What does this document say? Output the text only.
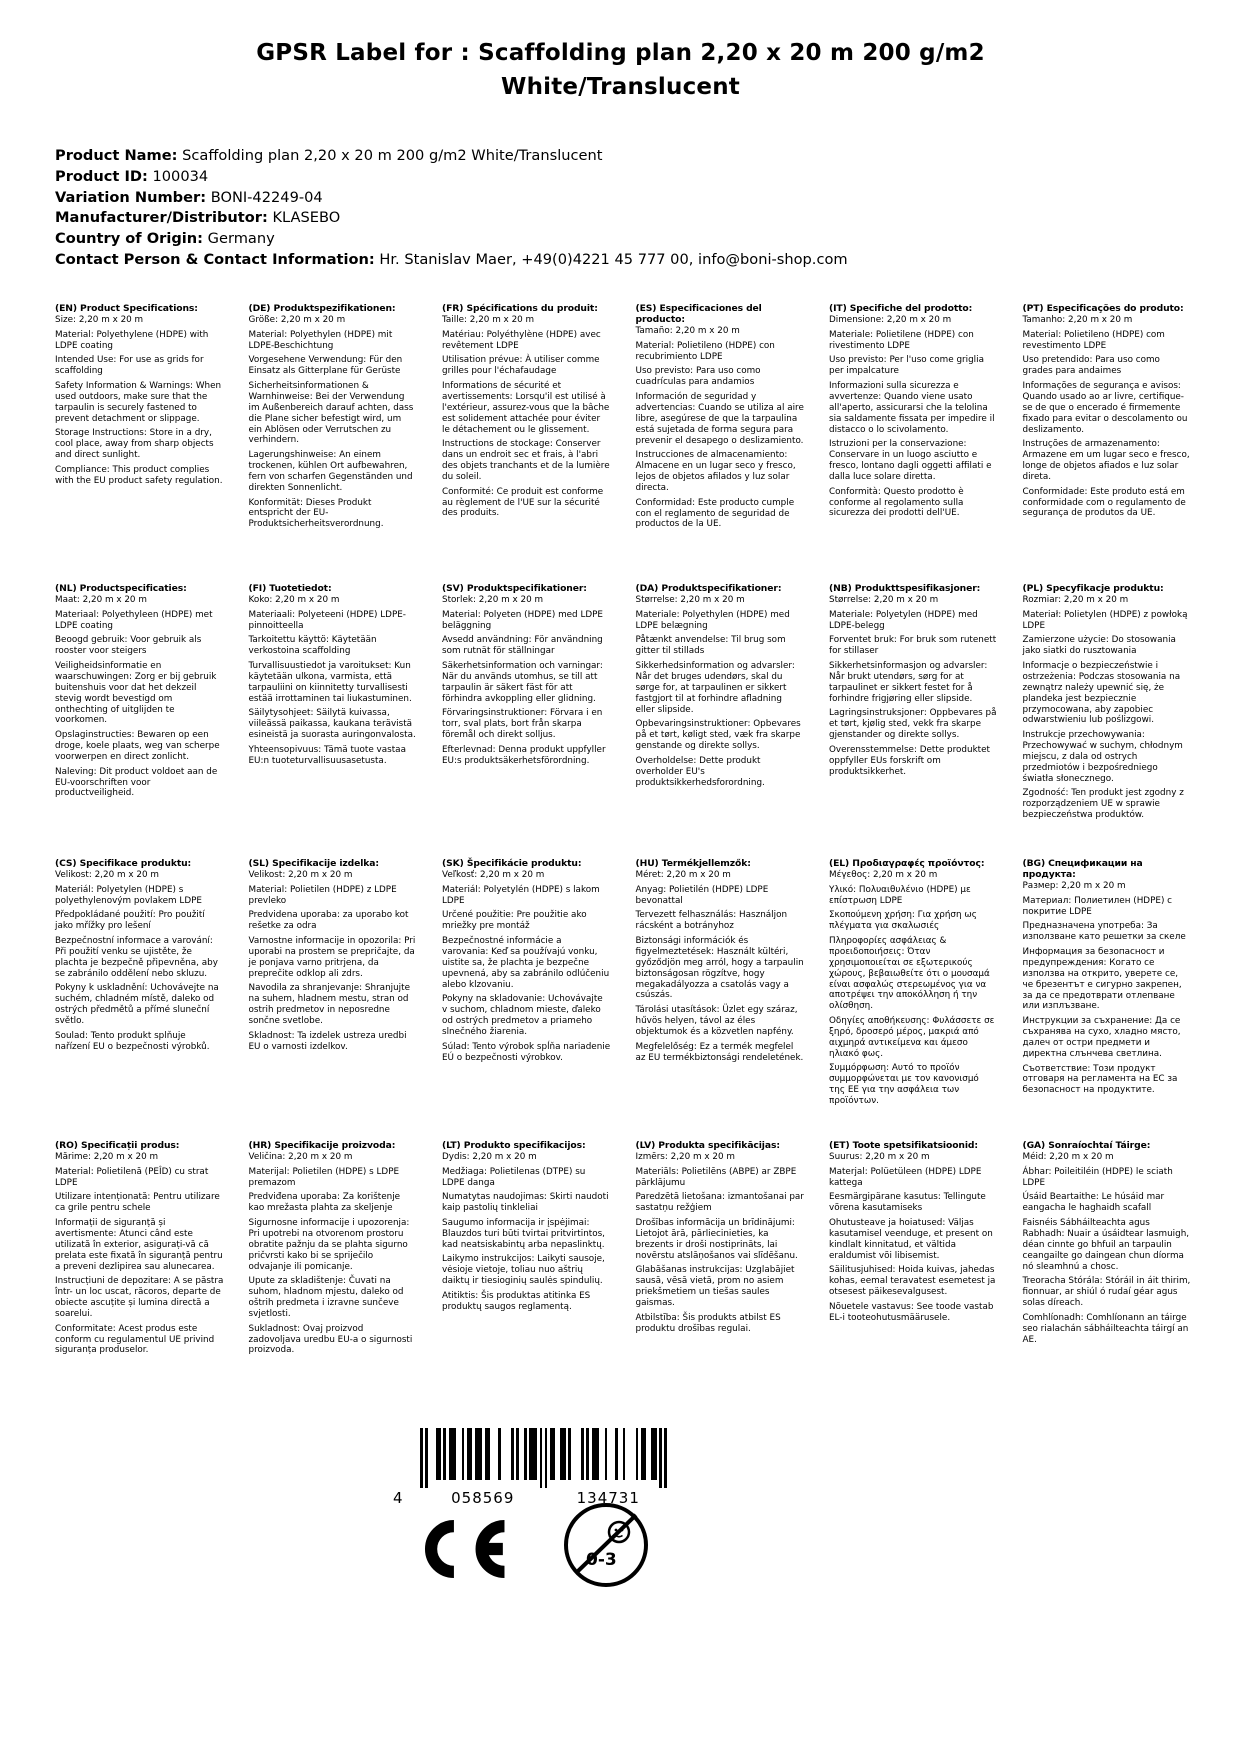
GPSR Label for : Scaffolding plan 2,20 x 20 m 200 g/m2
White/Translucent
Product Name: Scaffolding plan 2,20 x 20 m 200 g/m2 White/Translucent
Product ID: 100034
Variation Number: BONI-42249-04
Manufacturer/Distributor: KLASEBO
Country of Origin: Germany
Contact Person & Contact Information: Hr. Stanislav Maer, +49(0)4221 45 777 00, info@boni-shop.com
(EN) Product Specifications:

Size: 2,20 m x 20 m

Material: Polyethylene (HDPE) with LDPE coating

Intended Use: For use as grids for scaffolding

Safety Information & Warnings: When used outdoors, make sure that the tarpaulin is securely fastened to prevent detachment or slippage.

Storage Instructions: Store in a dry, cool place, away from sharp objects and direct sunlight.

Compliance: This product complies with the EU product safety regulation.

(DE) Produktspezifikationen:

Größe: 2,20 m x 20 m

Material: Polyethylen (HDPE) mit LDPE-Beschichtung

Vorgesehene Verwendung: Für den Einsatz als Gitterplane für Gerüste

Sicherheitsinformationen & Warnhinweise: Bei der Verwendung im Außenbereich darauf achten, dass die Plane sicher befestigt wird, um ein Ablösen oder Verrutschen zu verhindern.

Lagerungshinweise: An einem trockenen, kühlen Ort aufbewahren, fern von scharfen Gegenständen und direkten Sonnenlicht.

Konformität: Dieses Produkt entspricht der EU-Produktsicherheitsverordnung.

(FR) Spécifications du produit:

Taille: 2,20 m x 20 m

Matériau: Polyéthylène (HDPE) avec revêtement LDPE

Utilisation prévue: À utiliser comme grilles pour l'échafaudage

Informations de sécurité et avertissements: Lorsqu'il est utilisé à l'extérieur, assurez-vous que la bâche est solidement attachée pour éviter le détachement ou le glissement.

Instructions de stockage: Conserver dans un endroit sec et frais, à l'abri des objets tranchants et de la lumière du soleil.

Conformité: Ce produit est conforme au règlement de l'UE sur la sécurité des produits.

(ES) Especificaciones del producto:

Tamaño: 2,20 m x 20 m

Material: Polietileno (HDPE) con recubrimiento LDPE

Uso previsto: Para uso como cuadrículas para andamios

Información de seguridad y advertencias: Cuando se utiliza al aire libre, asegúrese de que la tarpaulina está sujetada de forma segura para prevenir el desapego o deslizamiento.

Instrucciones de almacenamiento: Almacene en un lugar seco y fresco, lejos de objetos afilados y luz solar directa.

Conformidad: Este producto cumple con el reglamento de seguridad de productos de la UE.

(IT) Specifiche del prodotto:

Dimensione: 2,20 m x 20 m

Materiale: Polietilene (HDPE) con rivestimento LDPE

Uso previsto: Per l'uso come griglia per impalcature

Informazioni sulla sicurezza e avvertenze: Quando viene usato all'aperto, assicurarsi che la telolina sia saldamente fissata per impedire il distacco o lo scivolamento.

Istruzioni per la conservazione: Conservare in un luogo asciutto e fresco, lontano dagli oggetti affilati e dalla luce solare diretta.

Conformità: Questo prodotto è conforme al regolamento sulla sicurezza dei prodotti dell'UE.

(PT) Especificações do produto:

Tamanho: 2,20 m x 20 m

Material: Polietileno (HDPE) com revestimento LDPE

Uso pretendido: Para uso como grades para andaimes

Informações de segurança e avisos: Quando usado ao ar livre, certifique-se de que o encerado é firmemente fixado para evitar o descolamento ou deslizamento.

Instruções de armazenamento: Armazene em um lugar seco e fresco, longe de objetos afiados e luz solar direta.

Conformidade: Este produto está em conformidade com o regulamento de segurança de produtos da UE.

(NL) Productspecificaties:

Maat: 2,20 m x 20 m

Materiaal: Polyethyleen (HDPE) met LDPE coating

Beoogd gebruik: Voor gebruik als rooster voor steigers

Veiligheidsinformatie en waarschuwingen: Zorg er bij gebruik buitenshuis voor dat het dekzeil stevig wordt bevestigd om onthechting of uitglijden te voorkomen.

Opslaginstructies: Bewaren op een droge, koele plaats, weg van scherpe voorwerpen en direct zonlicht.

Naleving: Dit product voldoet aan de EU-voorschriften voor productveiligheid.

(FI) Tuotetiedot:

Koko: 2,20 m x 20 m

Materiaali: Polyeteeni (HDPE) LDPE-pinnoitteella

Tarkoitettu käyttö: Käytetään verkostoina scaffolding

Turvallisuustiedot ja varoitukset: Kun käytetään ulkona, varmista, että tarpauliini on kiinnitetty turvallisesti estää irrottaminen tai liukastuminen.

Säilytysohjeet: Säilytä kuivassa, viileässä paikassa, kaukana terävistä esineistä ja suorasta auringonvalosta.

Yhteensopivuus: Tämä tuote vastaa EU:n tuoteturvallisuusasetusta.

(SV) Produktspecifikationer:

Storlek: 2,20 m x 20 m

Material: Polyeten (HDPE) med LDPE beläggning

Avsedd användning: För användning som rutnät för ställningar

Säkerhetsinformation och varningar: När du används utomhus, se till att tarpaulin är säkert fäst för att förhindra avkoppling eller glidning.

Förvaringsinstruktioner: Förvara i en torr, sval plats, bort från skarpa föremål och direkt solljus.

Efterlevnad: Denna produkt uppfyller EU:s produktsäkerhetsförordning.

(DA) Produktspecifikationer:

Størrelse: 2,20 m x 20 m

Materiale: Polyethylen (HDPE) med LDPE belægning

Påtænkt anvendelse: Til brug som gitter til stillads

Sikkerhedsinformation og advarsler: Når det bruges udendørs, skal du sørge for, at tarpaulinen er sikkert fastgjort til at forhindre afladning eller slipside.

Opbevaringsinstruktioner: Opbevares på et tørt, køligt sted, væk fra skarpe genstande og direkte sollys.

Overholdelse: Dette produkt overholder EU's produktsikkerhedsforordning.

(NB) Produkttspesifikasjoner:

Størrelse: 2,20 m x 20 m

Materiale: Polyetylen (HDPE) med LDPE-belegg

Forventet bruk: For bruk som rutenett for stillaser

Sikkerhetsinformasjon og advarsler: Når brukt utendørs, sørg for at tarpaulinet er sikkert festet for å forhindre frigjøring eller slipside.

Lagringsinstruksjoner: Oppbevares på et tørt, kjølig sted, vekk fra skarpe gjenstander og direkte sollys.

Overensstemmelse: Dette produktet oppfyller EUs forskrift om produktsikkerhet.

(PL) Specyfikacje produktu:

Rozmiar: 2,20 m x 20 m

Materiał: Polietylen (HDPE) z powłoką LDPE

Zamierzone użycie: Do stosowania jako siatki do rusztowania

Informacje o bezpieczeństwie i ostrzeżenia: Podczas stosowania na zewnątrz należy upewnić się, że plandeka jest bezpiecznie przymocowana, aby zapobiec odwarstwieniu lub poślizgowi.

Instrukcje przechowywania: Przechowywać w suchym, chłodnym miejscu, z dala od ostrych przedmiotów i bezpośredniego światła słonecznego.

Zgodność: Ten produkt jest zgodny z rozporządzeniem UE w sprawie bezpieczeństwa produktów.

(CS) Specifikace produktu:

Velikost: 2,20 m x 20 m

Materiál: Polyetylen (HDPE) s polyethylenovým povlakem LDPE

Předpokládané použití: Pro použití jako mřížky pro lešení

Bezpečnostní informace a varování: Při použití venku se ujistěte, že plachta je bezpečně připevněna, aby se zabránilo oddělení nebo skluzu.

Pokyny k uskladnění: Uchovávejte na suchém, chladném místě, daleko od ostrých předmětů a přímé sluneční světlo.

Soulad: Tento produkt splňuje nařízení EU o bezpečnosti výrobků.

(SL) Specifikacije izdelka:

Velikost: 2,20 m x 20 m

Material: Polietilen (HDPE) z LDPE prevleko

Predvidena uporaba: za uporabo kot rešetke za odra

Varnostne informacije in opozorila: Pri uporabi na prostem se prepričajte, da je ponjava varno pritrjena, da preprečite odklop ali zdrs.

Navodila za shranjevanje: Shranjujte na suhem, hladnem mestu, stran od ostrih predmetov in neposredne sončne svetlobe.

Skladnost: Ta izdelek ustreza uredbi EU o varnosti izdelkov.

(SK) Špecifikácie produktu:

Veľkosť: 2,20 m x 20 m

Materiál: Polyetylén (HDPE) s lakom LDPE

Určené použitie: Pre použitie ako mriežky pre montáž

Bezpečnostné informácie a varovania: Keď sa používajú vonku, uistite sa, že plachta je bezpečne upevnená, aby sa zabránilo odlúčeniu alebo klzovaniu.

Pokyny na skladovanie: Uchovávajte v suchom, chladnom mieste, ďaleko od ostrých predmetov a priameho slnečného žiarenia.

Súlad: Tento výrobok spĺňa nariadenie EÚ o bezpečnosti výrobkov.

(HU) Termékjellemzők:

Méret: 2,20 m x 20 m

Anyag: Polietilén (HDPE) LDPE bevonattal

Tervezett felhasználás: Használjon rácsként a botrányhoz

Biztonsági információk és figyelmeztetések: Használt kültéri, győződjön meg arról, hogy a tarpaulin biztonságosan rögzítve, hogy megakadályozza a csatolás vagy a csúszás.

Tárolási utasítások: Üzlet egy száraz, hűvös helyen, távol az éles objektumok és a közvetlen napfény.

Megfelelőség: Ez a termék megfelel az EU termékbiztonsági rendeletének.

(EL) Προδιαγραφές προϊόντος:

Μέγεθος: 2,20 m x 20 m

Υλικό: Πολυαιθυλένιο (HDPE) με επίστρωση LDPE

Σκοπούμενη χρήση: Για χρήση ως πλέγματα για σκαλωσιές

Πληροφορίες ασφάλειας & προειδοποιήσεις: Όταν χρησιμοποιείται σε εξωτερικούς χώρους, βεβαιωθείτε ότι ο μουσαμά είναι ασφαλώς στερεωμένος για να αποτρέψει την αποκόλληση ή την ολίσθηση.

Οδηγίες αποθήκευσης: Φυλάσσετε σε ξηρό, δροσερό μέρος, μακριά από αιχμηρά αντικείμενα και άμεσο ηλιακό φως.

Συμμόρφωση: Αυτό το προϊόν συμμορφώνεται με τον κανονισμό της ΕΕ για την ασφάλεια των προϊόντων.

(BG) Спецификации на продукта:

Размер: 2,20 m x 20 m

Материал: Полиетилен (HDPE) с покритие LDPE

Предназначена употреба: За използване като решетки за скеле

Информация за безопасност и предупреждения: Когато се използва на открито, уверете се, че брезентът е сигурно закрепен, за да се предотврати отлепване или изплъзване.

Инструкции за съхранение: Да се съхранява на сухо, хладно място, далеч от остри предмети и директна слънчева светлина.

Съответствие: Този продукт отговаря на регламента на ЕС за безопасност на продуктите.

(RO) Specificații produs:

Mărime: 2,20 m x 20 m

Material: Polietilenă (PEÎD) cu strat LDPE

Utilizare intenționată: Pentru utilizare ca grile pentru schele

Informații de siguranță și avertismente: Atunci când este utilizată în exterior, asigurați-vă că prelata este fixată în siguranță pentru a preveni dezlipirea sau alunecarea.

Instrucțiuni de depozitare: A se păstra într- un loc uscat, răcoros, departe de obiecte ascuțite și lumina directă a soarelui.

Conformitate: Acest produs este conform cu regulamentul UE privind siguranța produselor.

(HR) Specifikacije proizvoda:

Veličina: 2,20 m x 20 m

Materijal: Polietilen (HDPE) s LDPE premazom

Predviđena uporaba: Za korištenje kao mrežasta plahta za skeljenje

Sigurnosne informacije i upozorenja: Pri upotrebi na otvorenom prostoru obratite pažnju da se plahta sigurno pričvrsti kako bi se spriječilo odvajanje ili pomicanje.

Upute za skladištenje: Čuvati na suhom, hladnom mjestu, daleko od oštrih predmeta i izravne sunčeve svjetlosti.

Sukladnost: Ovaj proizvod zadovoljava uredbu EU-a o sigurnosti proizvoda.

(LT) Produkto specifikacijos:

Dydis: 2,20 m x 20 m

Medžiaga: Polietilenas (DTPE) su LDPE danga

Numatytas naudojimas: Skirti naudoti kaip pastolių tinkleliai

Saugumo informacija ir įspėjimai: Blauzdos turi būti tvirtai pritvirtintos, kad neatsiskabintų arba nepaslinktų.

Laikymo instrukcijos: Laikyti sausoje, vėsioje vietoje, toliau nuo aštrių daiktų ir tiesioginių saulės spindulių.

Atitiktis: Šis produktas atitinka ES produktų saugos reglamentą.

(LV) Produkta specifikācijas:

Izmērs: 2,20 m x 20 m

Materiāls: Polietilēns (ABPE) ar ZBPE pārklājumu

Paredzētā lietošana: izmantošanai par sastatņu režģiem

Drošības informācija un brīdinājumi: Lietojot ārā, pārliecinieties, ka brezents ir droši nostiprināts, lai novērstu atslāņošanos vai slīdēšanu.

Glabāšanas instrukcijas: Uzglabājiet sausā, vēsā vietā, prom no asiem priekšmetiem un tiešas saules gaismas.

Atbilstība: Šis produkts atbilst ES produktu drošības regulai.

(ET) Toote spetsifikatsioonid:

Suurus: 2,20 m x 20 m

Materjal: Polüetüleen (HDPE) LDPE kattega

Eesmärgipärane kasutus: Tellingute võrena kasutamiseks

Ohutusteave ja hoiatused: Väljas kasutamisel veenduge, et present on kindlalt kinnitatud, et vältida eraldumist või libisemist.

Säilitusjuhised: Hoida kuivas, jahedas kohas, eemal teravatest esemetest ja otsesest päikesevalgusest.

Nõuetele vastavus: See toode vastab EL-i tooteohutusmäärusele.

(GA) Sonraíochtaí Táirge:

Méid: 2,20 m x 20 m

Ábhar: Poileitiléin (HDPE) le sciath LDPE

Úsáid Beartaithe: Le húsáid mar eangacha le haghaidh scafall

Faisnéis Sábháilteachta agus Rabhadh: Nuair a úsáidtear lasmuigh, déan cinnte go bhfuil an tarpaulin ceangailte go daingean chun díorma nó sleamhnú a chosc.

Treoracha Stórála: Stóráil in áit thirim, fionnuar, ar shiúl ó rudaí géar agus solas díreach.

Comhlíonadh: Comhlíonann an táirge seo rialachán sábháilteachta táirgí an AE.

4	058569	134731
0-3
